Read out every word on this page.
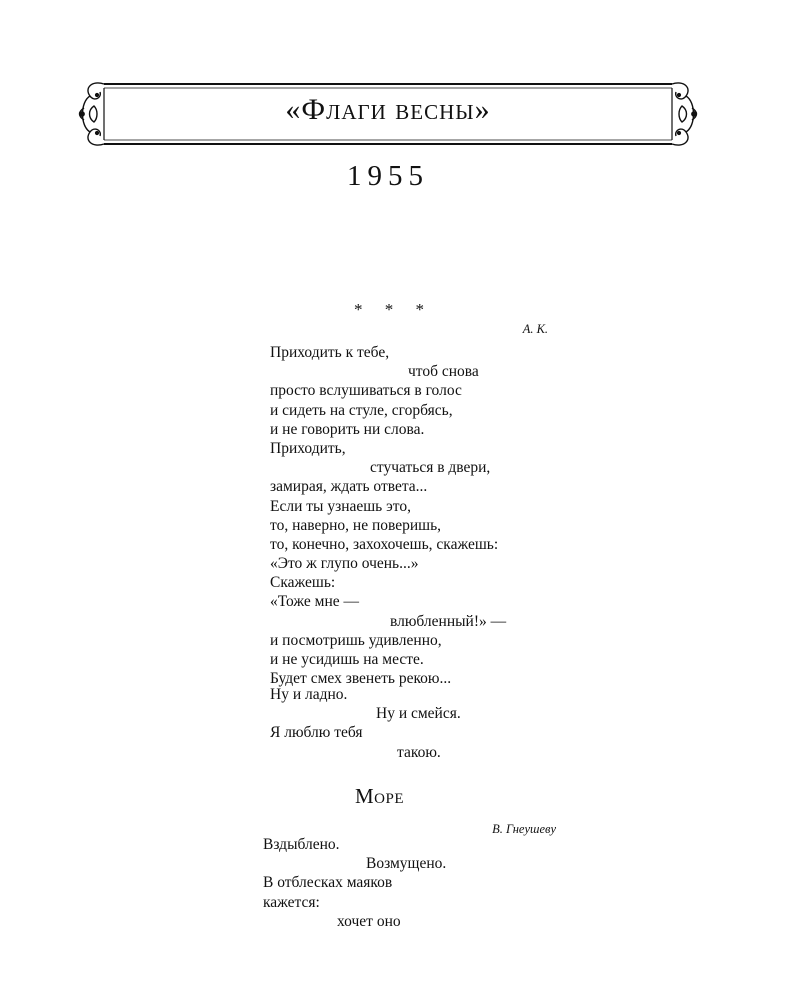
«Флаги весны»
1955
* * *
А. К.
Приходить к тебе,
чтоб снова
просто вслушиваться в голос
и сидеть на стуле, сгорбясь,
и не говорить ни слова.
Приходить,
стучаться в двери,
замирая, ждать ответа...
Если ты узнаешь это,
то, наверно, не поверишь,
то, конечно, захохочешь, скажешь:
«Это ж глупо очень...»
Скажешь:
«Тоже мне —
влюбленный!» —
и посмотришь удивленно,
и не усидишь на месте.
Будет смех звенеть рекою...
Ну и ладно.
Ну и смейся.
Я люблю тебя
такою.
Море
В. Гнеушеву
Вздыблено.
Возмущено.
В отблесках маяков
кажется:
хочет оно
